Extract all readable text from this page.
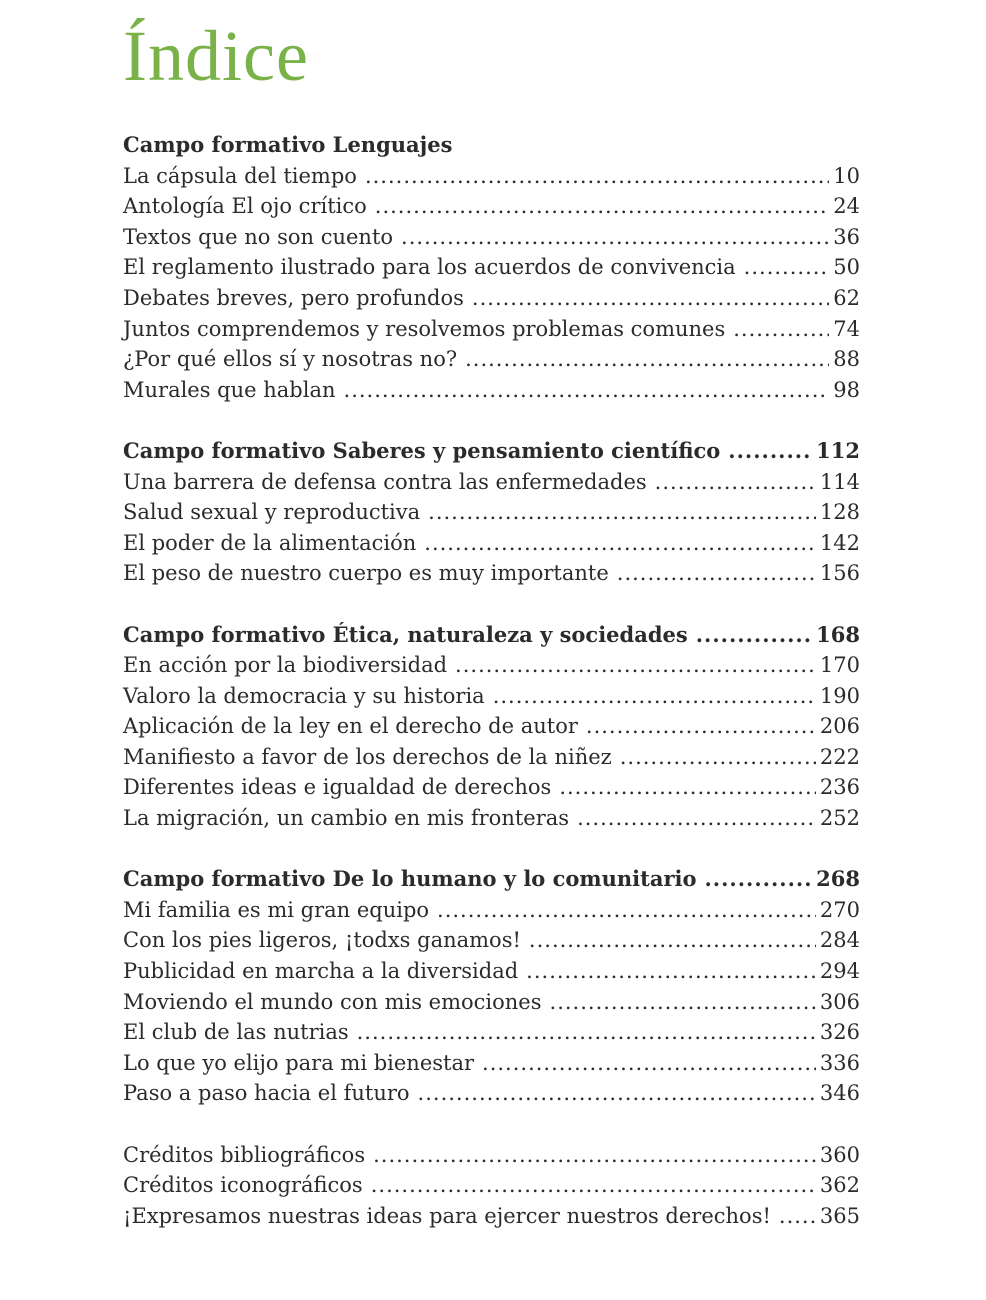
Índice
Campo formativo Lenguajes
La cápsula del tiempo .....	10
Antología El ojo crítico .....	24
Textos que no son cuento .....	36
El reglamento ilustrado para los acuerdos de convivencia .....	50
Debates breves, pero profundos .....	62
Juntos comprendemos y resolvemos problemas comunes .....	74
¿Por qué ellos sí y nosotras no? .....	88
Murales que hablan .....	98
Campo formativo Saberes y pensamiento científico .....	112
Una barrera de defensa contra las enfermedades .....	114
Salud sexual y reproductiva .....	128
El poder de la alimentación .....	142
El peso de nuestro cuerpo es muy importante .....	156
Campo formativo Ética, naturaleza y sociedades .....	168
En acción por la biodiversidad .....	170
Valoro la democracia y su historia .....	190
Aplicación de la ley en el derecho de autor .....	206
Manifiesto a favor de los derechos de la niñez .....	222
Diferentes ideas e igualdad de derechos .....	236
La migración, un cambio en mis fronteras .....	252
Campo formativo De lo humano y lo comunitario .....	268
Mi familia es mi gran equipo .....	270
Con los pies ligeros, ¡todxs ganamos! .....	284
Publicidad en marcha a la diversidad .....	294
Moviendo el mundo con mis emociones .....	306
El club de las nutrias .....	326
Lo que yo elijo para mi bienestar .....	336
Paso a paso hacia el futuro .....	346
Créditos bibliográficos .....	360
Créditos iconográficos .....	362
¡Expresamos nuestras ideas para ejercer nuestros derechos! ..... 365
